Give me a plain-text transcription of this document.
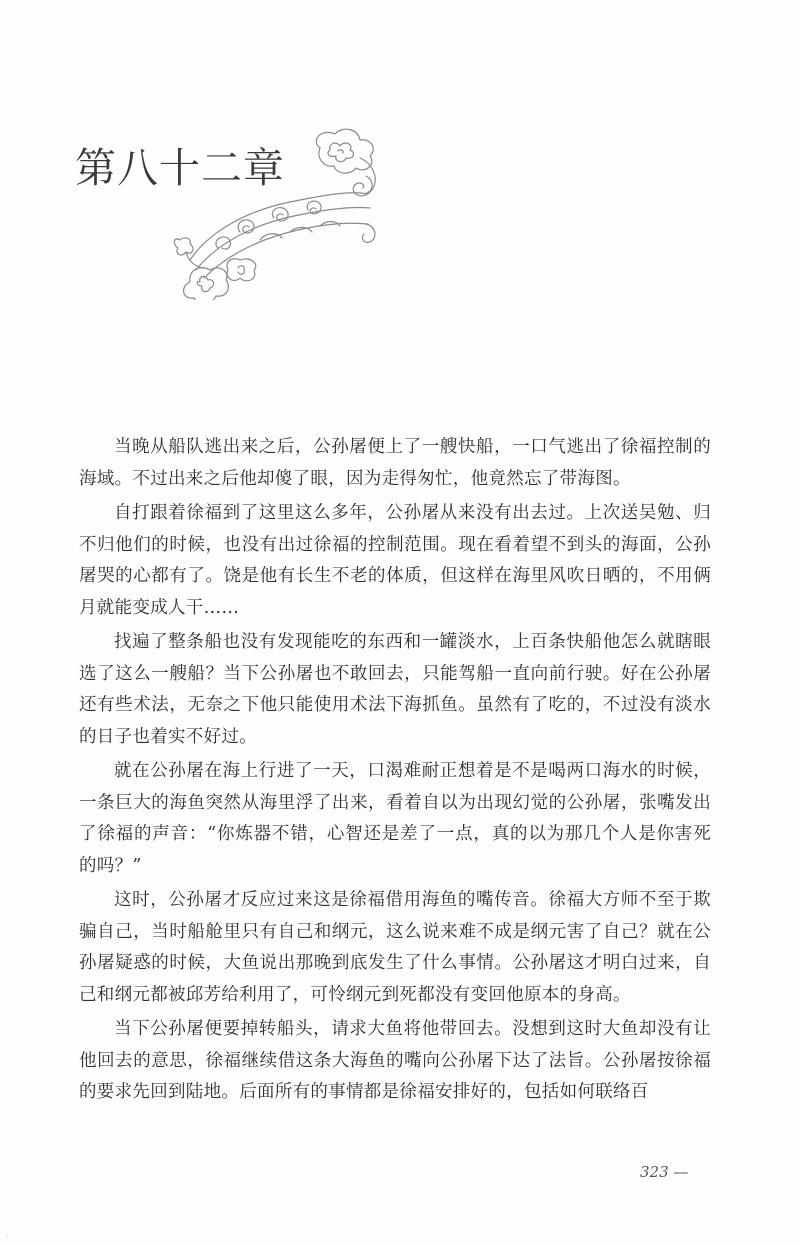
第八十二章

当晚从船队逃出来之后，公孙屠便上了一艘快船，一口气逃出了徐福控制的海域。不过出来之后他却傻了眼，因为走得匆忙，他竟然忘了带海图。

自打跟着徐福到了这里这么多年，公孙屠从来没有出去过。上次送吴勉、归不归他们的时候，也没有出过徐福的控制范围。现在看着望不到头的海面，公孙屠哭的心都有了。饶是他有长生不老的体质，但这样在海里风吹日晒的，不用俩月就能变成人干……

找遍了整条船也没有发现能吃的东西和一罐淡水，上百条快船他怎么就瞎眼选了这么一艘船？当下公孙屠也不敢回去，只能驾船一直向前行驶。好在公孙屠还有些术法，无奈之下他只能使用术法下海抓鱼。虽然有了吃的，不过没有淡水的日子也着实不好过。

就在公孙屠在海上行进了一天，口渴难耐正想着是不是喝两口海水的时候，一条巨大的海鱼突然从海里浮了出来，看着自以为出现幻觉的公孙屠，张嘴发出了徐福的声音：“你炼器不错，心智还是差了一点，真的以为那几个人是你害死的吗？”

这时，公孙屠才反应过来这是徐福借用海鱼的嘴传音。徐福大方师不至于欺骗自己，当时船舱里只有自己和纲元，这么说来难不成是纲元害了自己？就在公孙屠疑惑的时候，大鱼说出那晚到底发生了什么事情。公孙屠这才明白过来，自己和纲元都被邱芳给利用了，可怜纲元到死都没有变回他原本的身高。

当下公孙屠便要掉转船头，请求大鱼将他带回去。没想到这时大鱼却没有让他回去的意思，徐福继续借这条大海鱼的嘴向公孙屠下达了法旨。公孙屠按徐福的要求先回到陆地。后面所有的事情都是徐福安排好的，包括如何联络百

323 —
·
